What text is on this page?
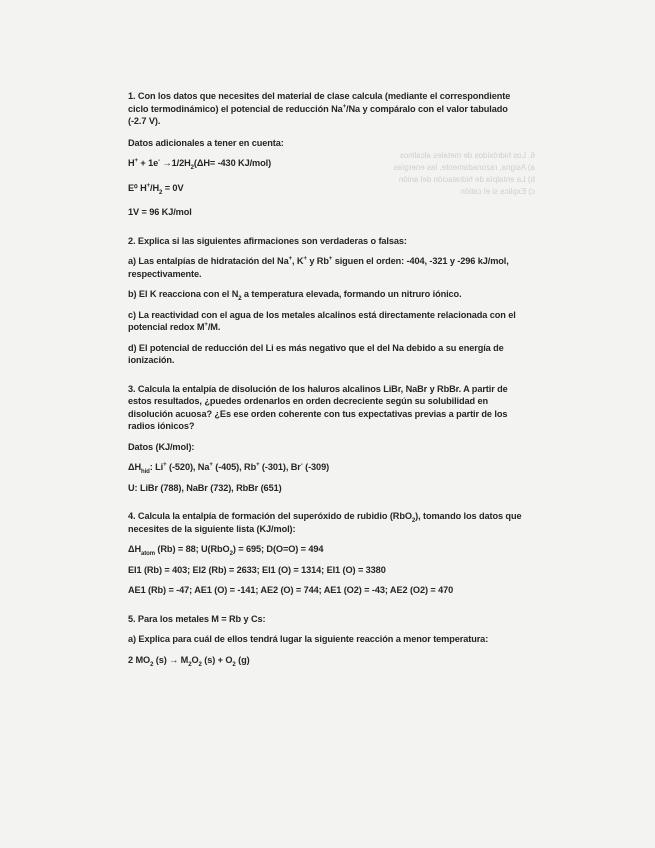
6. Los hidróxidos de metales alcalinos
a) Asigna, razonadamente, las energías
b) La entalpía de hidratación del anión
c) Explica si el catión
1. Con los datos que necesites del material de clase calcula (mediante el correspondiente ciclo termodinámico) el potencial de reducción Na+/Na y compáralo con el valor tabulado (-2.7 V).
Datos adicionales a tener en cuenta:
$H^+ + 1e^- \to 1/2H_2(\Delta H= -430$ KJ/mol)
E⁰ $H^+/H_2 = 0V$
1V = 96 KJ/mol
2. Explica si las siguientes afirmaciones son verdaderas o falsas:
a) Las entalpías de hidratación del Na+, K+ y Rb+ siguen el orden: -404, -321 y -296 kJ/mol, respectivamente.
b) El K reacciona con el $N_2$ a temperatura elevada, formando un nitruro iónico.
c) La reactividad con el agua de los metales alcalinos está directamente relacionada con el potencial redox M+/M.
d) El potencial de reducción del Li es más negativo que el del Na debido a su energía de ionización.
3. Calcula la entalpía de disolución de los haluros alcalinos LiBr, NaBr y RbBr. A partir de estos resultados, ¿puedes ordenarlos en orden decreciente según su solubilidad en disolución acuosa? ¿Es ese orden coherente con tus expectativas previas a partir de los radios iónicos?
Datos (KJ/mol):
$\Delta H_{hid}$: Li+ (-520), Na+ (-405), Rb+ (-301), Br- (-309)
U: LiBr (788), NaBr (732), RbBr (651)
4. Calcula la entalpía de formación del superóxido de rubidio (RbO$_2$), tomando los datos que necesites de la siguiente lista (KJ/mol):
$\Delta H_{atom}$ (Rb) = 88; U(RbO$_2$) = 695; D(O=O) = 494
EI1 (Rb) = 403; EI2 (Rb) = 2633; EI1 (O) = 1314; EI1 (O) = 3380
AE1 (Rb) = -47; AE1 (O) = -141; AE2 (O) = 744; AE1 (O2) = -43; AE2 (O2) = 470
5. Para los metales M = Rb y Cs:
a) Explica para cuál de ellos tendrá lugar la siguiente reacción a menor temperatura:
2 $MO_2$ $(s) \to M_2O_2$ $(s) + O_2$ (g)
